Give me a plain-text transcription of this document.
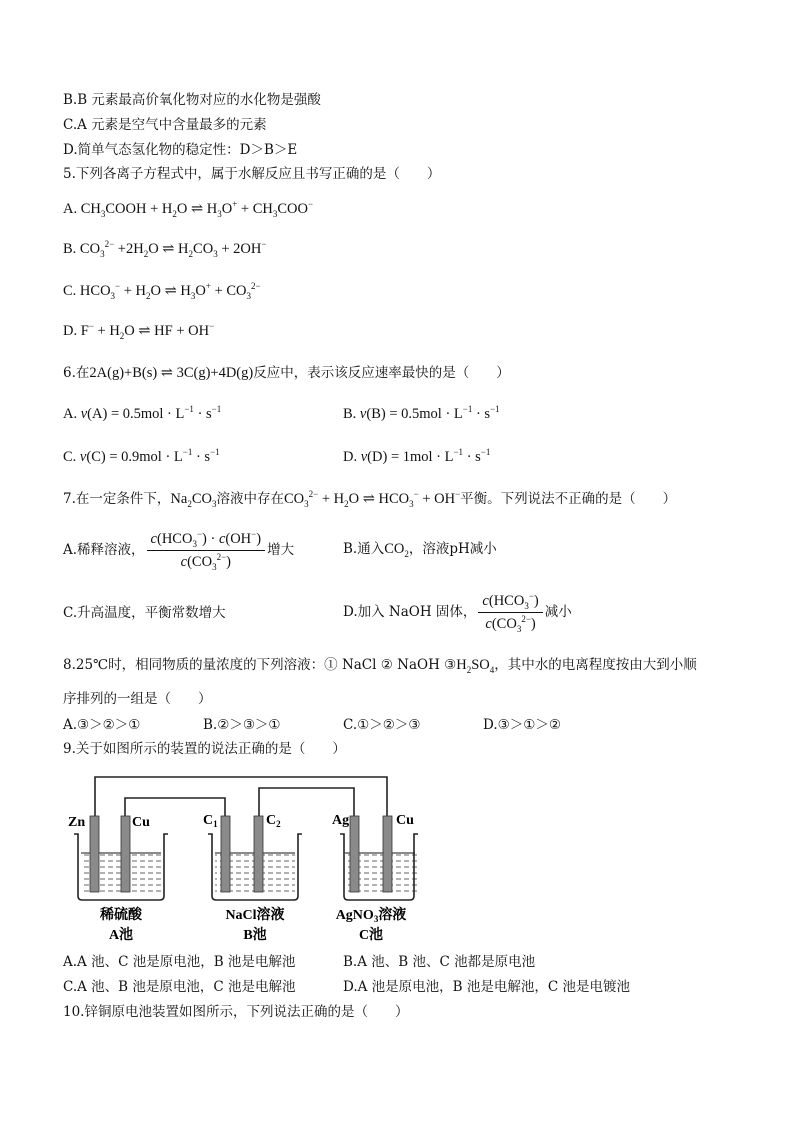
B.B 元素最高价氧化物对应的水化物是强酸
C.A 元素是空气中含量最多的元素
D.简单气态氢化物的稳定性：D＞B＞E
5.下列各离子方程式中，属于水解反应且书写正确的是（　　）
A. $CH_3COOH + H_2O$ ⇌ $H_3O^+ + CH_3COO^-$
B. $CO_3^{2-} +2H_2O$ ⇌ $H_2CO_3 + 2OH^-$
C. $HCO_3^- + H_2O$ ⇌ $H_3O^+ + CO_3^{2-}$
D. $F^- + H_2O$ ⇌ HF + OH−
6.在2A(g)+B(s) ⇌ 3C(g)+4D(g)反应中，表示该反应速率最快的是（　　）
A. $v(A) = 0.5mol \cdot L^{-1} \cdot s^{-1}$	B. $v(B) = 0.5mol \cdot L^{-1} \cdot s^{-1}$
C. $v(C) = 0.9mol \cdot L^{-1} \cdot s^{-1}$	D. $v(D) = 1mol \cdot L^{-1} \cdot s^{-1}$
7.在一定条件下，$Na_2CO_3$溶液中存在$CO_3^{2-} + H_2O$ ⇌ $HCO_3^- + OH^-$平衡。下列说法不正确的是（　　）
A.稀释溶液， $\frac{c(HCO_3^-) \cdot c(OH^-)}{c(CO_3^{2-})}$ 增大	B.通入$CO_2$，溶液pH减小
C.升高温度，平衡常数增大	D.加入 NaOH 固体， $\frac{c(HCO_3^-)}{c(CO_3^{2-})}$ 减小
8.25℃时，相同物质的量浓度的下列溶液：① NaCl ② NaOH $③H_2SO_4$，其中水的电离程度按由大到小顺
序排列的一组是（　　）
A.③＞②＞①	B.②＞③＞①	C.①＞②＞③	D.③＞①＞②
9.关于如图所示的装置的说法正确的是（　　）
Zn	Cu	$C_1$	$C_2$	Ag	Cu
稀硫酸
A池
NaCl溶液
B池
AgNO$_3$溶液
C池
A.A 池、C 池是原电池，B 池是电解池	B.A 池、B 池、C 池都是原电池
C.A 池、B 池是原电池，C 池是电解池	D.A 池是原电池，B 池是电解池，C 池是电镀池
10.锌铜原电池装置如图所示，下列说法正确的是（　　）
